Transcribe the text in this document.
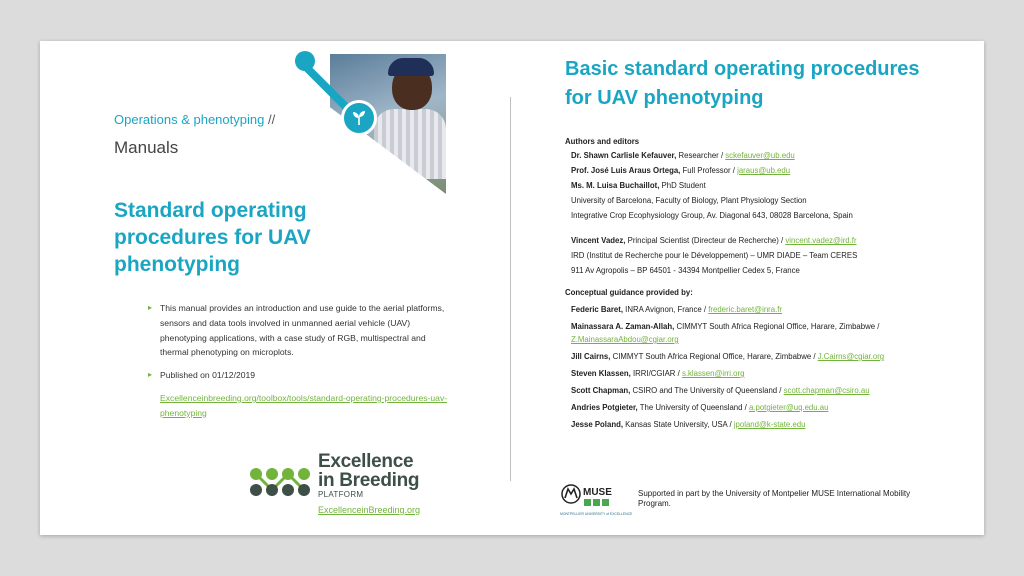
Operations & phenotyping //
Manuals
Standard operating procedures for UAV phenotyping
▸ This manual provides an introduction and use guide to the aerial platforms, sensors and data tools involved in unmanned aerial vehicle (UAV) phenotyping applications, with a case study of RGB, multispectral and thermal phenotyping on microplots.
▸ Published on 01/12/2019
Excellenceinbreeding.org/toolbox/tools/standard-operating-procedures-uav-phenotyping
Excellence
in Breeding
PLATFORM
ExcellenceinBreeding.org
Basic standard operating procedures for UAV phenotyping
Authors and editors
Dr. Shawn Carlisle Kefauver, Researcher / sckefauver@ub.edu
Prof. José Luis Araus Ortega, Full Professor / jaraus@ub.edu
Ms. M. Luisa Buchaillot, PhD Student
University of Barcelona, Faculty of Biology, Plant Physiology Section
Integrative Crop Ecophysiology Group, Av. Diagonal 643, 08028 Barcelona, Spain
Vincent Vadez, Principal Scientist (Directeur de Recherche) / vincent.vadez@ird.fr
IRD (Institut de Recherche pour le Développement) – UMR DIADE – Team CERES
911 Av Agropolis – BP 64501 - 34394 Montpellier Cedex 5, France
Conceptual guidance provided by:
Federic Baret, INRA Avignon, France / frederic.baret@inra.fr
Mainassara A. Zaman-Allah, CIMMYT South Africa Regional Office, Harare, Zimbabwe / Z.MainassaraAbdou@cgiar.org
Jill Cairns, CIMMYT South Africa Regional Office, Harare, Zimbabwe / J.Cairns@cgiar.org
Steven Klassen, IRRI/CGIAR / s.klassen@irri.org
Scott Chapman, CSIRO and The University of Queensland / scott.chapman@csiro.au
Andries Potgieter, The University of Queensland / a.potgieter@uq.edu.au
Jesse Poland, Kansas State University, USA / jpoland@k-state.edu
MUSE
MONTPELLIER UNIVERSITY of EXCELLENCE
Supported in part by the University of Montpelier MUSE International Mobility Program.
